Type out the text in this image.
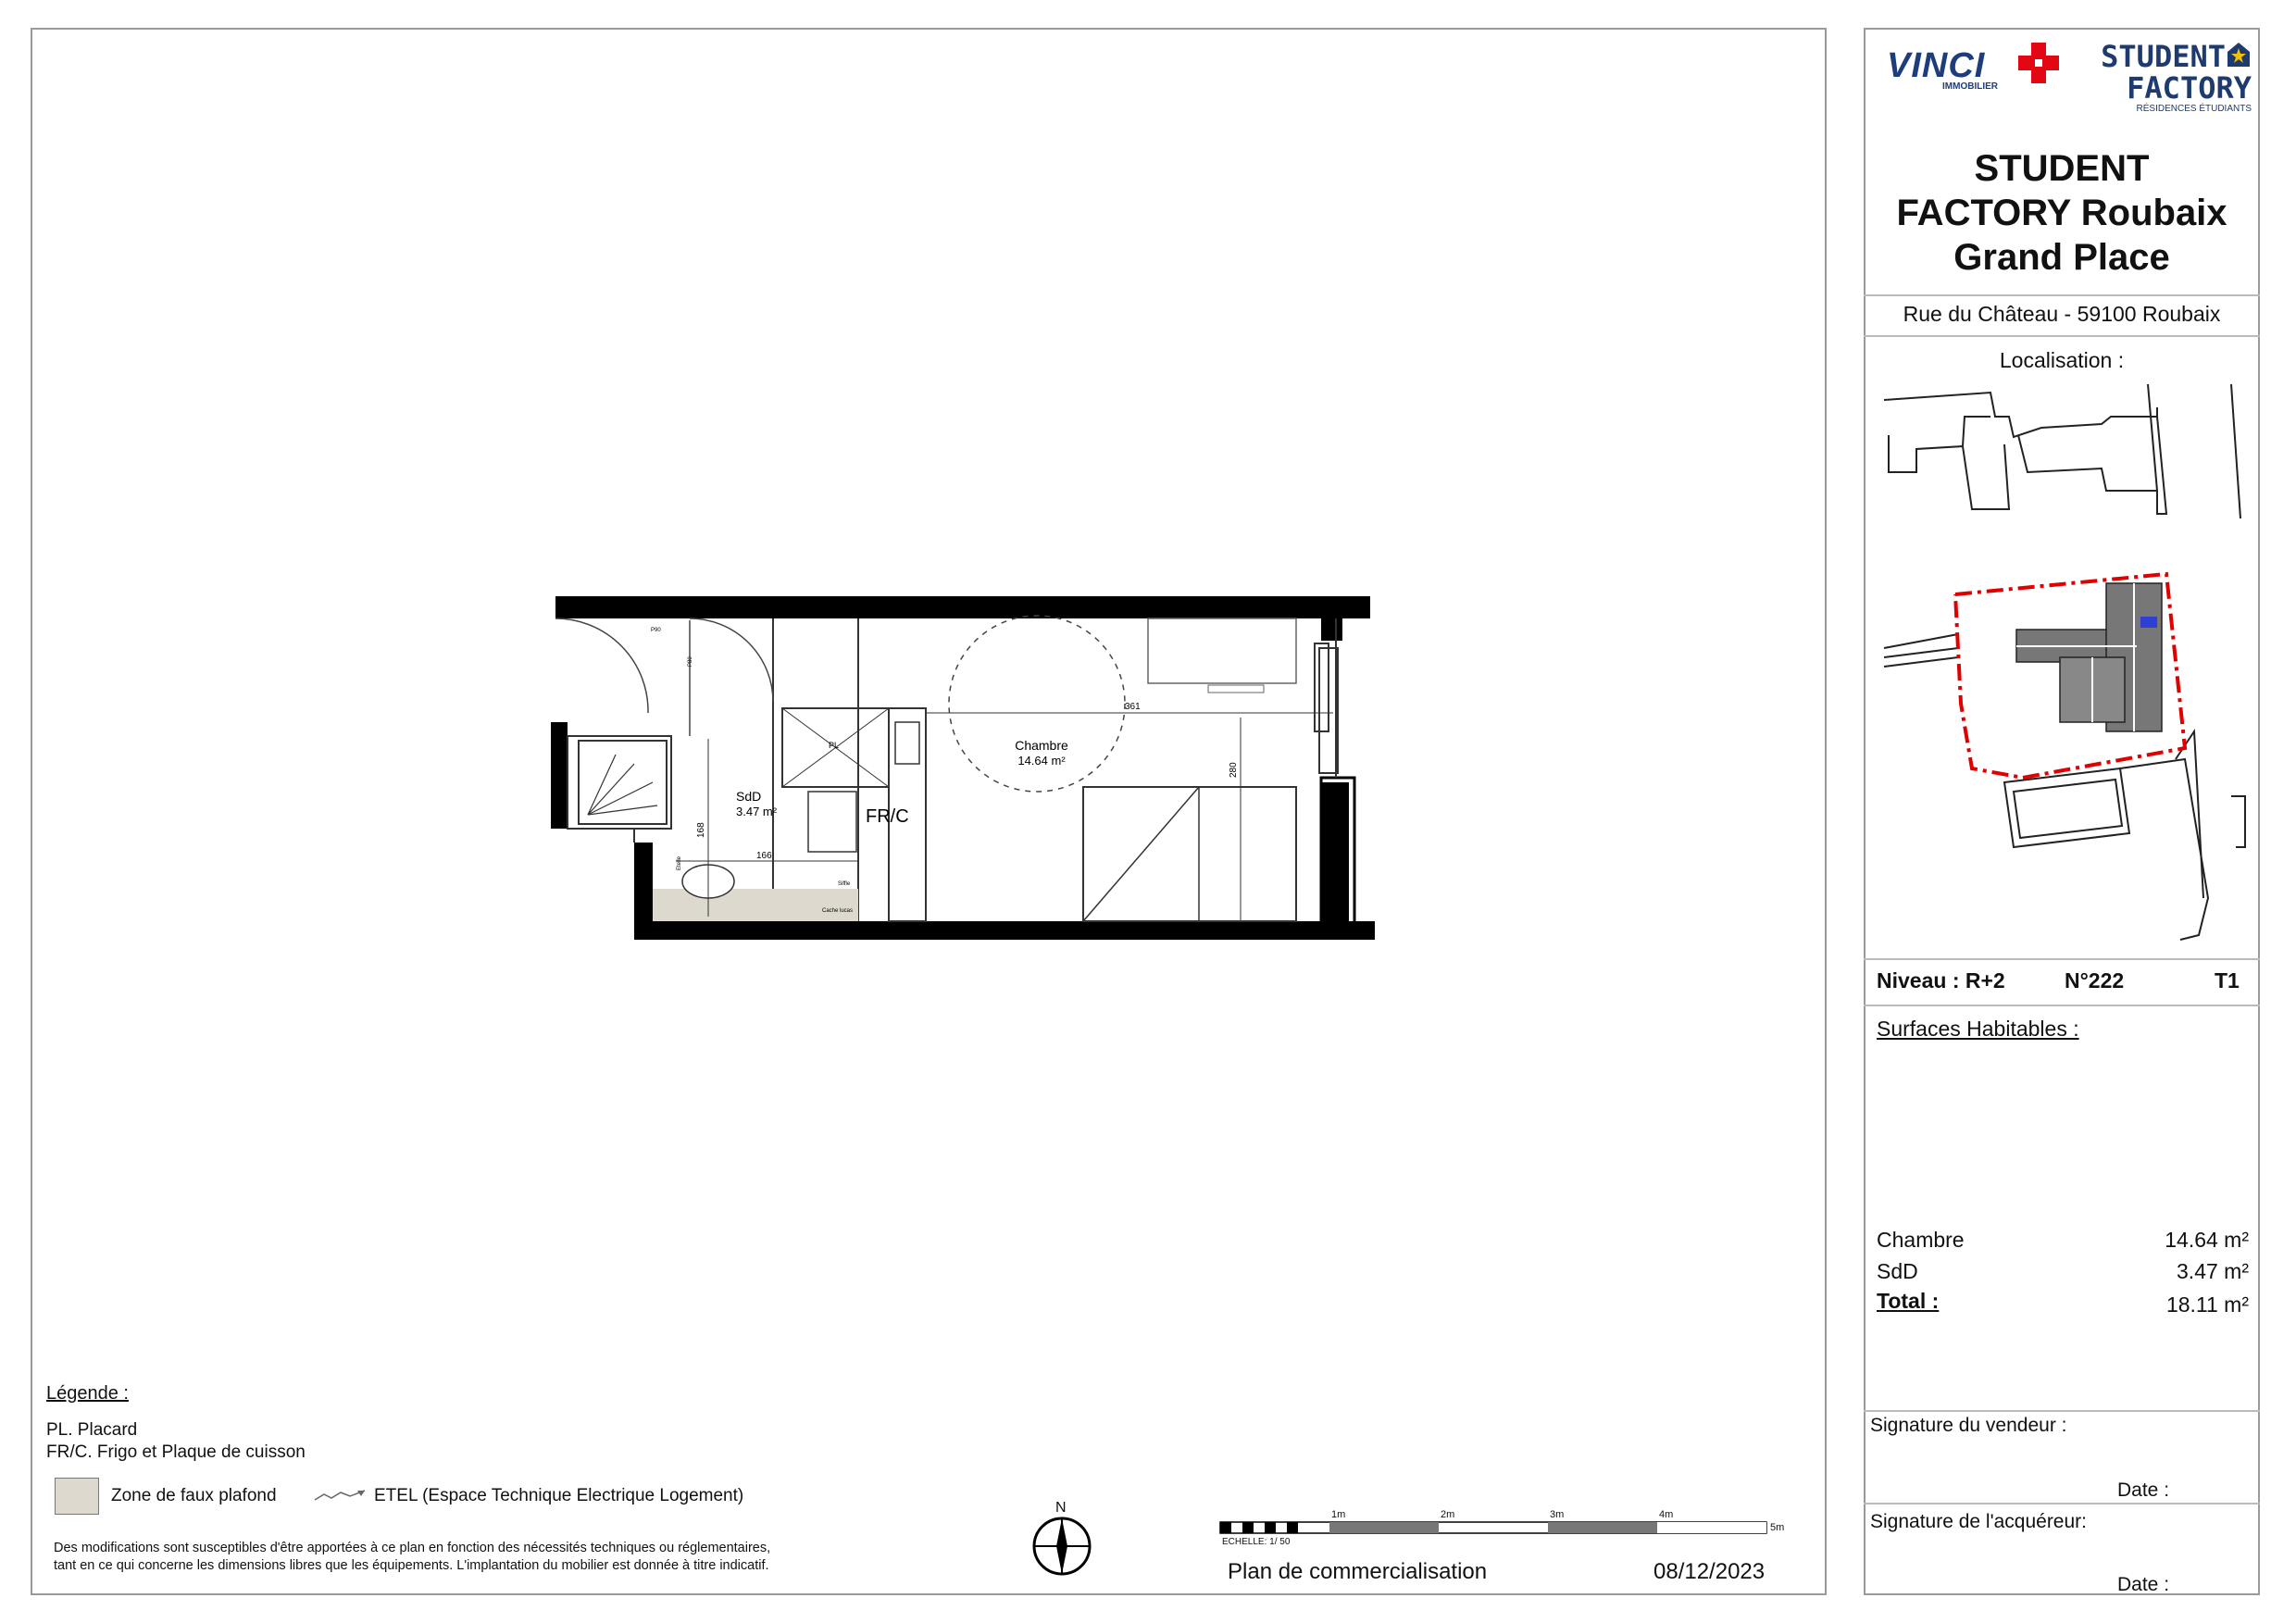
VINCI
IMMOBILIER
STUDENT
FACTORY
RÉSIDENCES ÉTUDIANTS
STUDENT
FACTORY Roubaix
Grand Place
Rue du Château - 59100 Roubaix
Localisation :
Niveau : R+2	N°222	T1
Surfaces Habitables :
Chambre	14.64 m²
SdD	3.47 m²
Total :	18.11 m²
Signature du vendeur :
Date :
Signature de l'acquéreur:
Date :
Chambre
14.64 m²
SdD
3.47 m²	FR/C
PL
361
280
168
166
P90
P80
Cache lucas
Siffle
Etelle
Légende :
PL. Placard
FR/C. Frigo et Plaque de cuisson
Zone de faux plafond	ETEL (Espace Technique Electrique Logement)
Des modifications sont susceptibles d'être apportées à ce plan en fonction des nécessités techniques ou réglementaires,
tant en ce qui concerne les dimensions libres que les équipements. L'implantation du mobilier est donnée à titre indicatif.
N	1m	2m	3m	4m
5m
ECHELLE: 1/ 50
Plan de commercialisation	08/12/2023
